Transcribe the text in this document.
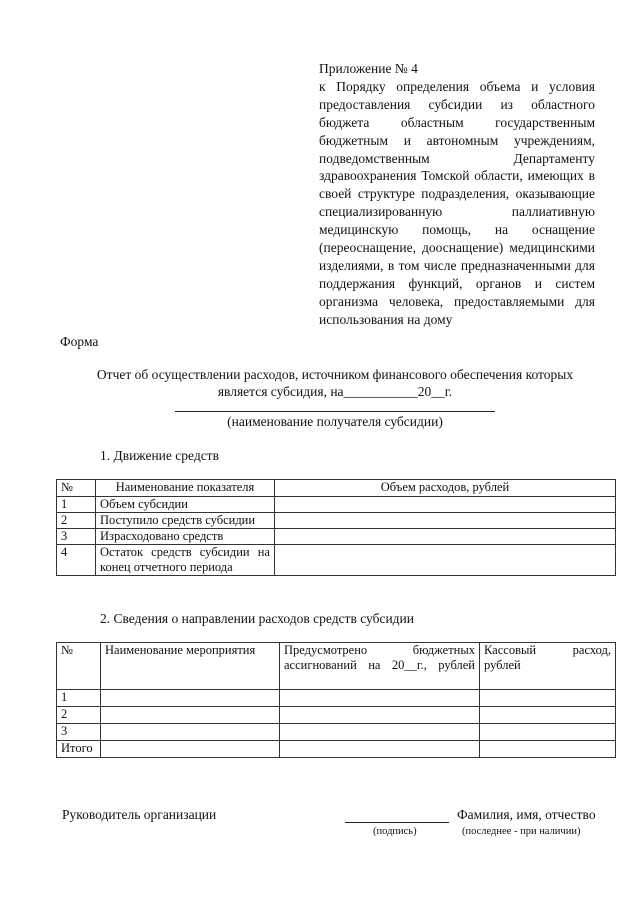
Приложение № 4

к Порядку определения объема и условия предоставления субсидии из областного бюджета областным государственным бюджетным и автономным учреждениям, подведомственным Департаменту здравоохранения Томской области, имеющих в своей структуре подразделения, оказывающие специализированную паллиативную медицинскую помощь, на оснащение (переоснащение, дооснащение) медицинскими изделиями, в том числе предназначенными для поддержания функций, органов и систем организма человека, предоставляемыми для использования на дому

Форма
Отчет об осуществлении расходов, источником финансового обеспечения которых
является субсидия, на___________20__г.
(наименование получателя субсидии)
1. Движение средств
№	Наименование показателя	Объем расходов, рублей
1	Объем субсидии	
2	Поступило средств субсидии	
3	Израсходовано средств	
4	Остаток средств субсидии на конец отчетного периода	
2. Сведения о направлении расходов средств субсидии
№	Наименование мероприятия	Предусмотрено бюджетных ассигнований на 20__г., рублей	Кассовый расход, рублей
1			
2			
3			
Итого			
Руководитель организации	Фамилия, имя, отчество
(подпись)	(последнее - при наличии)
